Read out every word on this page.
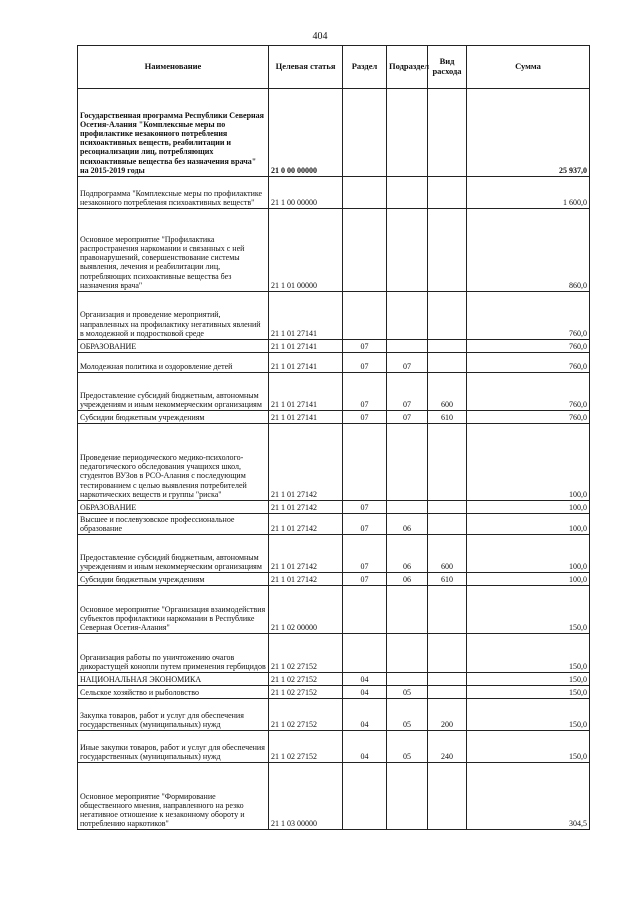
404
Наименование	Целевая статья	Раздел	Подраздел	Вид расхода	Сумма
Государственная программа Республики Северная Осетия-Алания "Комплексные меры по профилактике незаконного потребления психоактивных веществ, реабилитации и ресоциализации лиц, потребляющих психоактивные вещества без назначения врача" на 2015-2019 годы	21 0 00 00000				25 937,0
Подпрограмма "Комплексные меры по профилактике незаконного потребления психоактивных веществ"	21 1 00 00000				1 600,0
Основное мероприятие "Профилактика распространения наркомании и связанных с ней правонарушений, совершенствование системы выявления, лечения и реабилитации лиц, потребляющих психоактивные вещества без назначения врача"	21 1 01 00000				860,0
Организация и проведение мероприятий, направленных на профилактику негативных явлений в молодежной и подростковой среде	21 1 01 27141				760,0
ОБРАЗОВАНИЕ	21 1 01 27141	07			760,0
Молодежная политика и оздоровление детей	21 1 01 27141	07	07		760,0
Предоставление субсидий бюджетным, автономным учреждениям и иным некоммерческим организациям	21 1 01 27141	07	07	600	760,0
Субсидии бюджетным учреждениям	21 1 01 27141	07	07	610	760,0
Проведение периодического медико-психолого-педагогического обследования учащихся школ, студентов ВУЗов в РСО-Алания с последующим тестированием с целью выявления потребителей наркотических веществ и группы "риска"	21 1 01 27142				100,0
ОБРАЗОВАНИЕ	21 1 01 27142	07			100,0
Высшее и послевузовское профессиональное образование	21 1 01 27142	07	06		100,0
Предоставление субсидий бюджетным, автономным учреждениям и иным некоммерческим организациям	21 1 01 27142	07	06	600	100,0
Субсидии бюджетным учреждениям	21 1 01 27142	07	06	610	100,0
Основное мероприятие "Организация взаимодействия субъектов профилактики наркомании в Республике Северная Осетия-Алания"	21 1 02 00000				150,0
Организация работы по уничтожению очагов дикорастущей конопли путем применения гербицидов	21 1 02 27152				150,0
НАЦИОНАЛЬНАЯ ЭКОНОМИКА	21 1 02 27152	04			150,0
Сельское хозяйство и рыболовство	21 1 02 27152	04	05		150,0
Закупка товаров, работ и услуг для обеспечения государственных (муниципальных) нужд	21 1 02 27152	04	05	200	150,0
Иные закупки товаров, работ и услуг для обеспечения государственных (муниципальных) нужд	21 1 02 27152	04	05	240	150,0
Основное мероприятие "Формирование общественного мнения, направленного на резко негативное отношение к незаконному обороту и потреблению наркотиков"	21 1 03 00000				304,5
